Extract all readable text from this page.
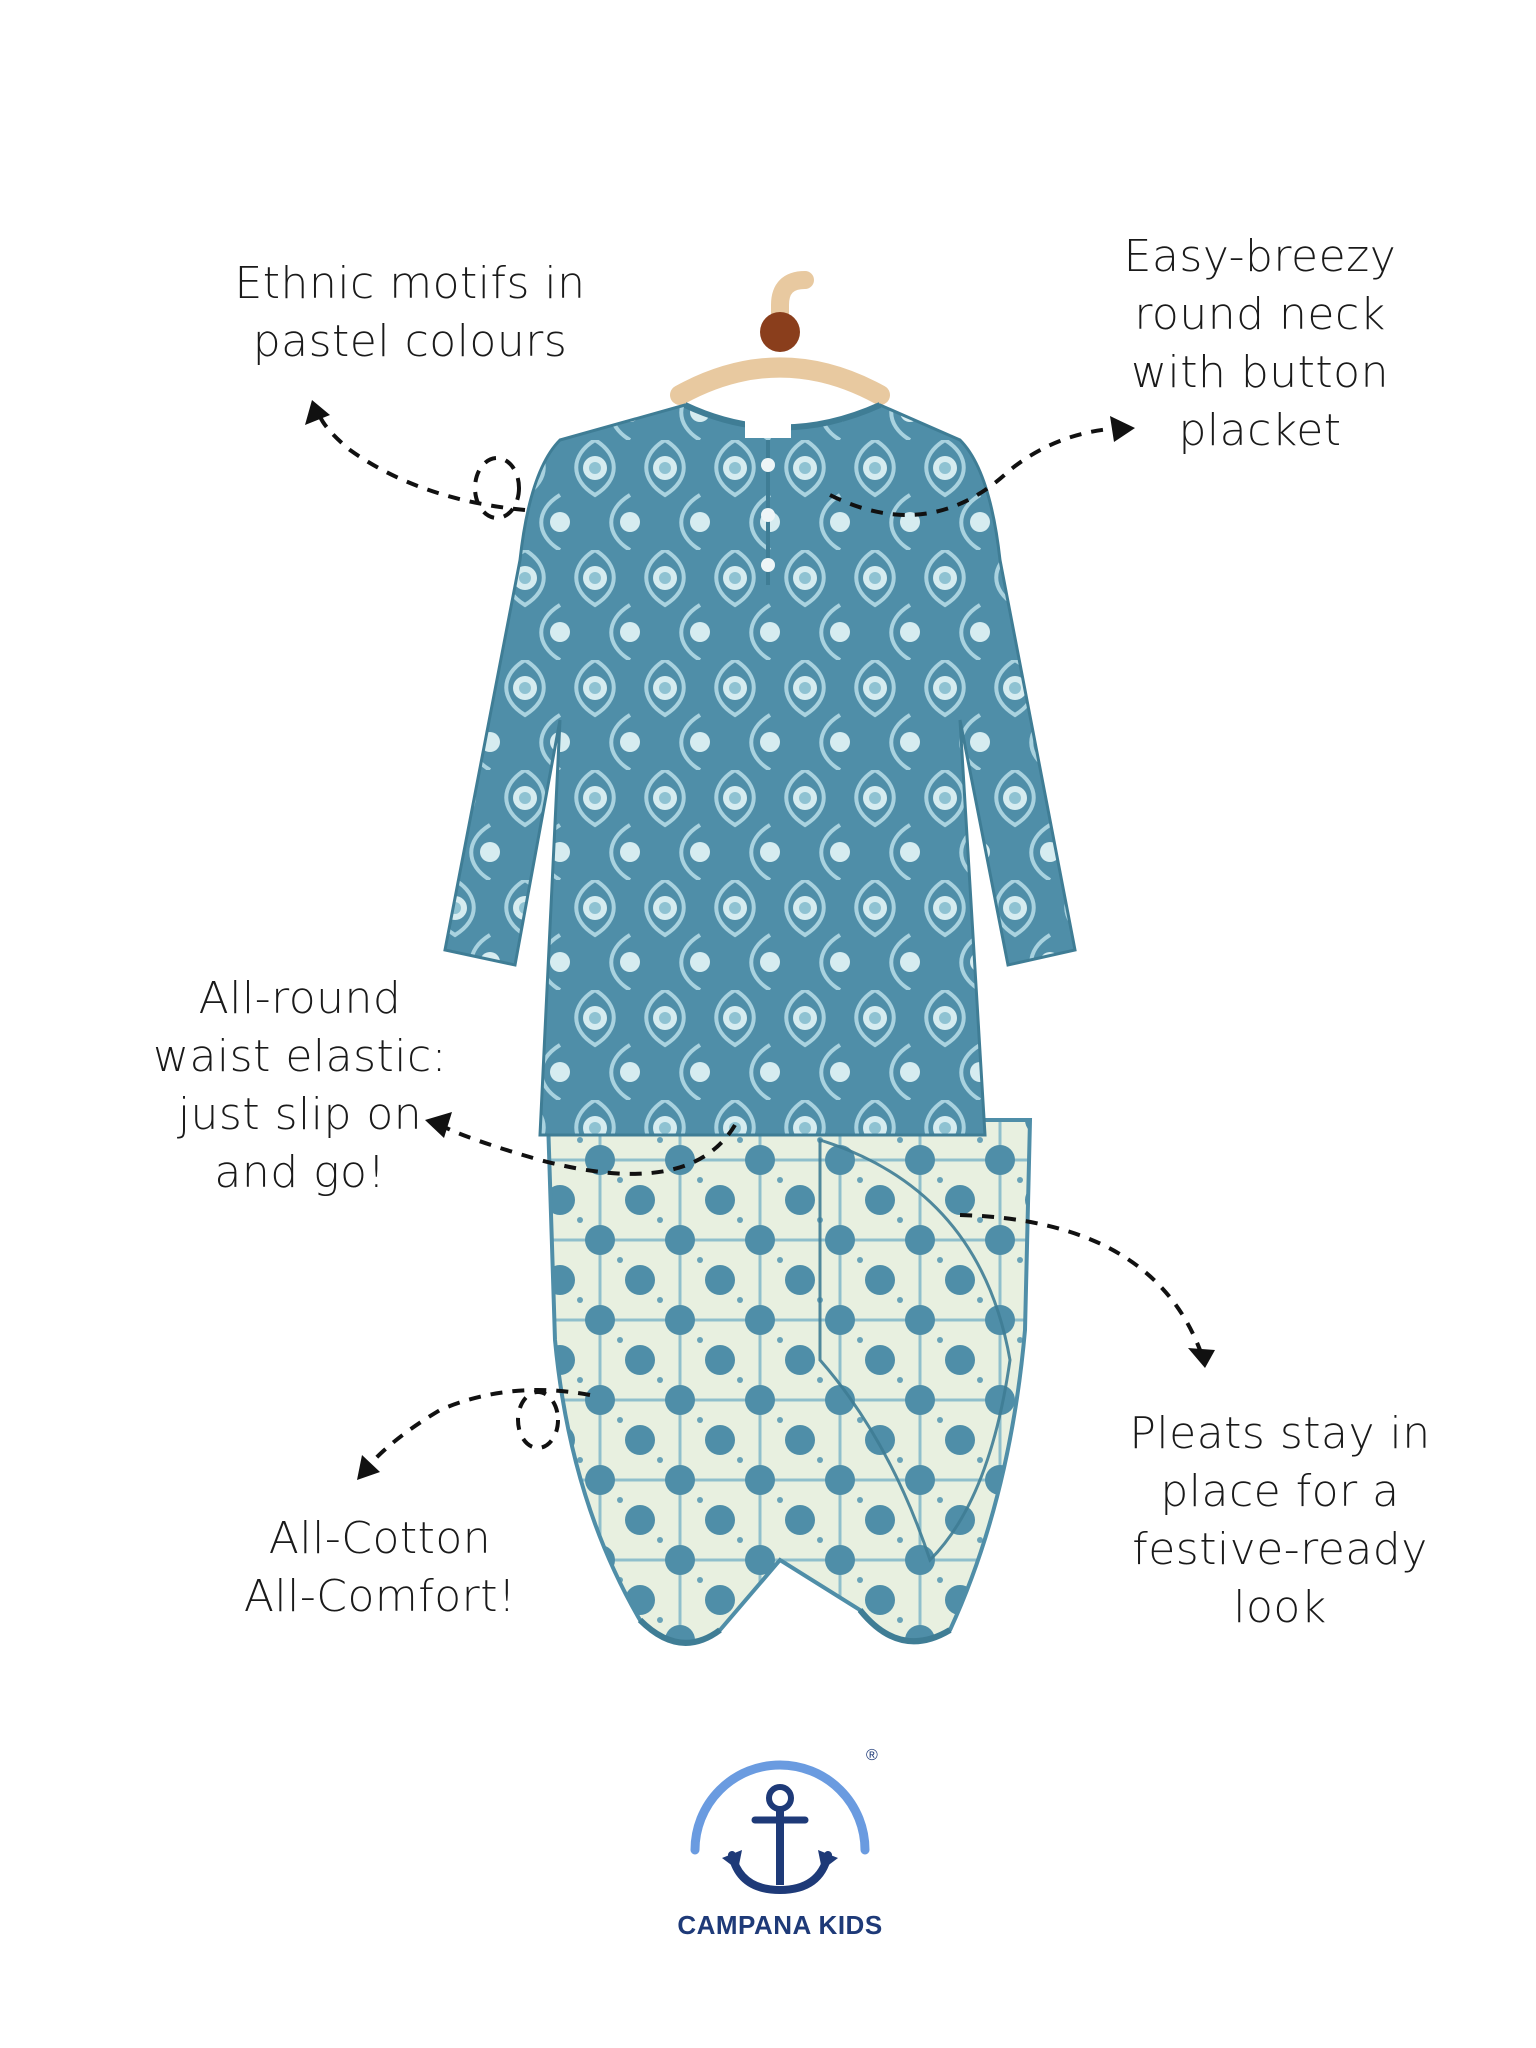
Ethnic motifs in
pastel colours
Easy-breezy
round neck
with button
placket
All-round
waist elastic:
just slip on
and go!
All-Cotton
All-Comfort!
Pleats stay in
place for a
festive-ready
look
®
CAMPANA KIDS
